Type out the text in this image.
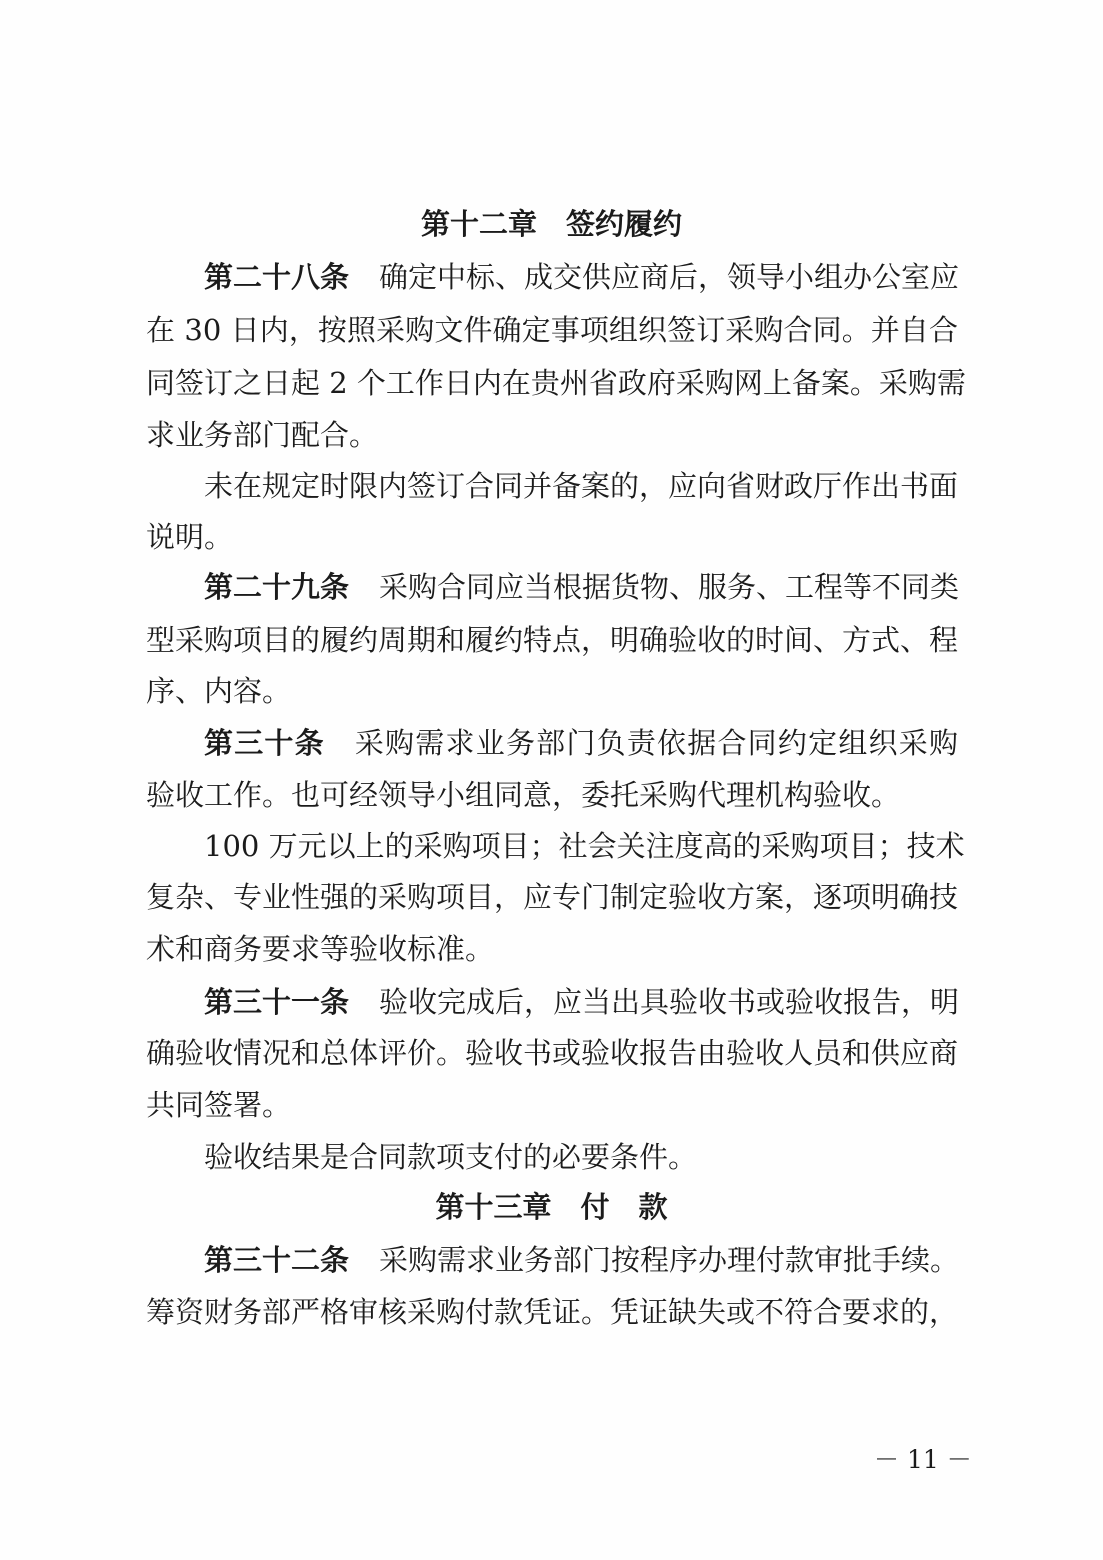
第十二章　签约履约
第二十八条 确定中标、成交供应商后，领导小组办公室应
在 30 日内，按照采购文件确定事项组织签订采购合同。并自合
同签订之日起 2 个工作日内在贵州省政府采购网上备案。采购需
求业务部门配合。
未在规定时限内签订合同并备案的，应向省财政厅作出书面
说明。
第二十九条 采购合同应当根据货物、服务、工程等不同类
型采购项目的履约周期和履约特点，明确验收的时间、方式、程
序、内容。
第三十条 采购需求业务部门负责依据合同约定组织采购
验收工作。也可经领导小组同意，委托采购代理机构验收。
100 万元以上的采购项目；社会关注度高的采购项目；技术
复杂、专业性强的采购项目，应专门制定验收方案，逐项明确技
术和商务要求等验收标准。
第三十一条 验收完成后，应当出具验收书或验收报告，明
确验收情况和总体评价。验收书或验收报告由验收人员和供应商
共同签署。
验收结果是合同款项支付的必要条件。
第十三章　付　款
第三十二条 采购需求业务部门按程序办理付款审批手续。
筹资财务部严格审核采购付款凭证。凭证缺失或不符合要求的，
－ 11 －
